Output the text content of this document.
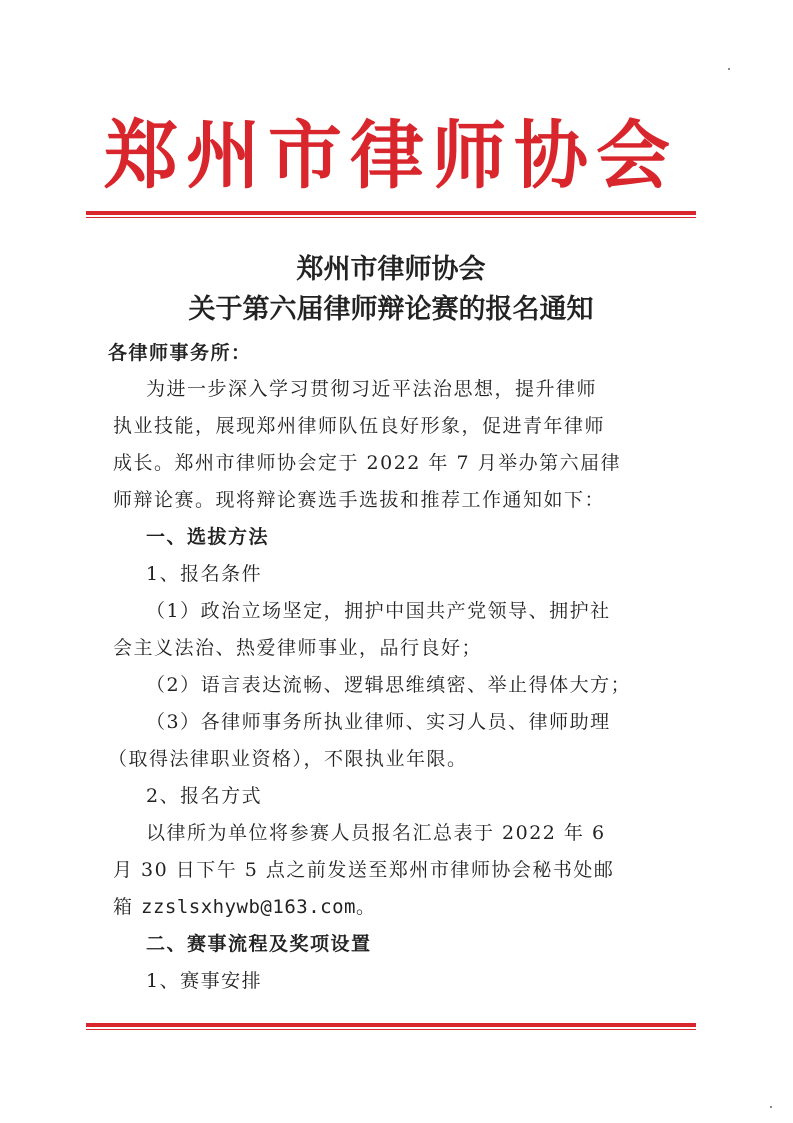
郑州市律师协会
郑州市律师协会
关于第六届律师辩论赛的报名通知
各律师事务所：
为进一步深入学习贯彻习近平法治思想，提升律师
执业技能，展现郑州律师队伍良好形象，促进青年律师
成长。郑州市律师协会定于 2022 年 7 月举办第六届律
师辩论赛。现将辩论赛选手选拔和推荐工作通知如下：
一、选拔方法
1、报名条件
（1）政治立场坚定，拥护中国共产党领导、拥护社
会主义法治、热爱律师事业，品行良好；
（2）语言表达流畅、逻辑思维缜密、举止得体大方；
（3）各律师事务所执业律师、实习人员、律师助理
（取得法律职业资格），不限执业年限。
2、报名方式
以律所为单位将参赛人员报名汇总表于 2022 年 6
月 30 日下午 5 点之前发送至郑州市律师协会秘书处邮
箱 zzslsxhywb@163.com。
二、赛事流程及奖项设置
1、赛事安排
